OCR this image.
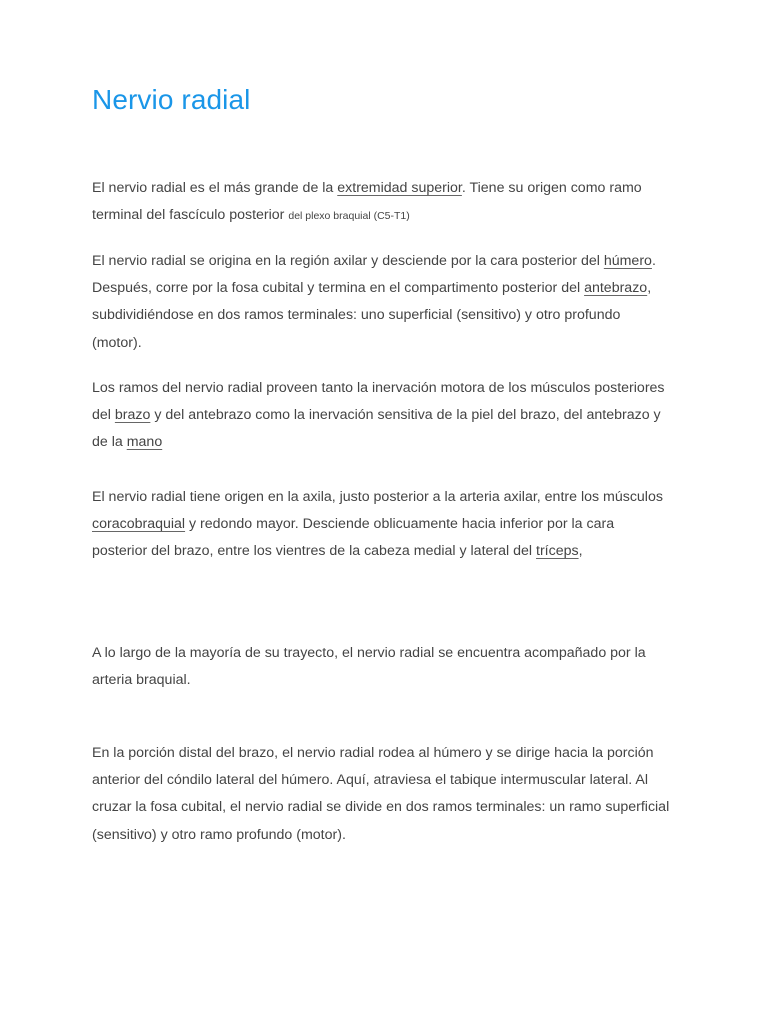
Nervio radial

El nervio radial es el más grande de la extremidad superior. Tiene su origen como ramo terminal del fascículo posterior del plexo braquial (C5-T1)

El nervio radial se origina en la región axilar y desciende por la cara posterior del húmero. Después, corre por la fosa cubital y termina en el compartimento posterior del antebrazo, subdividiéndose en dos ramos terminales: uno superficial (sensitivo) y otro profundo (motor).

Los ramos del nervio radial proveen tanto la inervación motora de los músculos posteriores del brazo y del antebrazo como la inervación sensitiva de la piel del brazo, del antebrazo y de la mano

El nervio radial tiene origen en la axila, justo posterior a la arteria axilar, entre los músculos coracobraquial y redondo mayor. Desciende oblicuamente hacia inferior por la cara posterior del brazo, entre los vientres de la cabeza medial y lateral del tríceps,

A lo largo de la mayoría de su trayecto, el nervio radial se encuentra acompañado por la arteria braquial.

En la porción distal del brazo, el nervio radial rodea al húmero y se dirige hacia la porción anterior del cóndilo lateral del húmero. Aquí, atraviesa el tabique intermuscular lateral. Al cruzar la fosa cubital, el nervio radial se divide en dos ramos terminales: un ramo superficial (sensitivo) y otro ramo profundo (motor).
